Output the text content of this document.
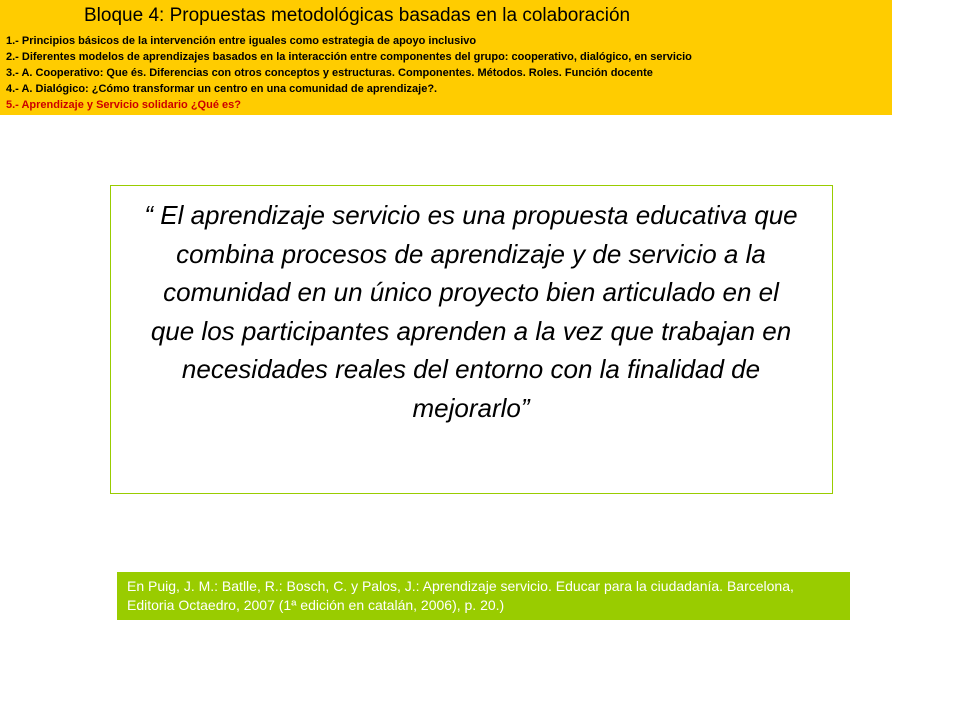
Bloque 4: Propuestas metodológicas basadas en la colaboración
1.- Principios básicos de la intervención entre iguales como estrategia de apoyo inclusivo
2.- Diferentes modelos de aprendizajes basados en la interacción entre componentes del grupo: cooperativo, dialógico, en servicio
3.- A. Cooperativo: Que és. Diferencias con otros conceptos y estructuras. Componentes. Métodos. Roles. Función docente
4.- A. Dialógico: ¿Cómo transformar un centro en una comunidad de aprendizaje?.
5.- Aprendizaje y Servicio solidario ¿Qué es?

“ El aprendizaje servicio es una propuesta educativa que combina procesos de aprendizaje y de servicio a la comunidad en un único proyecto bien articulado en el que los participantes aprenden a la vez que trabajan en necesidades reales del entorno con la finalidad de mejorarlo”

En Puig, J. M.: Batlle, R.: Bosch, C. y Palos, J.: Aprendizaje servicio. Educar para la ciudadanía. Barcelona, Editoria Octaedro, 2007 (1ª edición en catalán, 2006), p. 20.)
